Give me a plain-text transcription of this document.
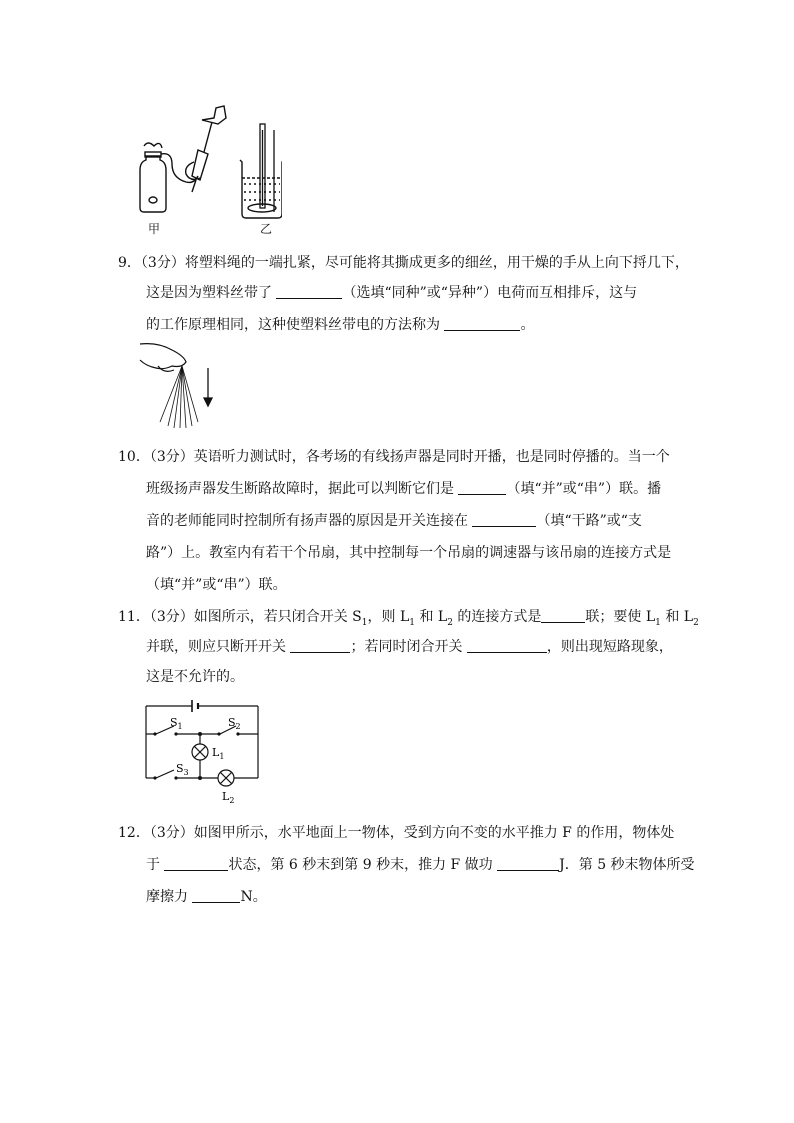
甲	乙
9．（3分）将塑料绳的一端扎紧，尽可能将其撕成更多的细丝，用干燥的手从上向下捋几下，
这是因为塑料丝带了	（选填“同种”或“异种”）电荷而互相排斥，这与
的工作原理相同，这种使塑料丝带电的方法称为	。
10．（3分）英语听力测试时，各考场的有线扬声器是同时开播，也是同时停播的。当一个
班级扬声器发生断路故障时，据此可以判断它们是	（填“并”或“串”）联。播
音的老师能同时控制所有扬声器的原因是开关连接在	（填“干路”或“支
路”）上。教室内有若干个吊扇，其中控制每一个吊扇的调速器与该吊扇的连接方式是
（填“并”或“串”）联。
11．（3分）如图所示，若只闭合开关 $S_1$，则 $L_1$ 和 $L_2$ 的连接方式是	联；要使 $L_1$ 和 $L_2$
并联，则应只断开开关	；若同时闭合开关	，则出现短路现象，
这是不允许的。
$S_1$	$S_2$
$S_3$
$L_1$
$L_2$
12．（3分）如图甲所示，水平地面上一物体，受到方向不变的水平推力 F 的作用，物体处
于	状态，第 6 秒末到第 9 秒末，推力 F 做功	J．第 5 秒末物体所受
摩擦力	N。
